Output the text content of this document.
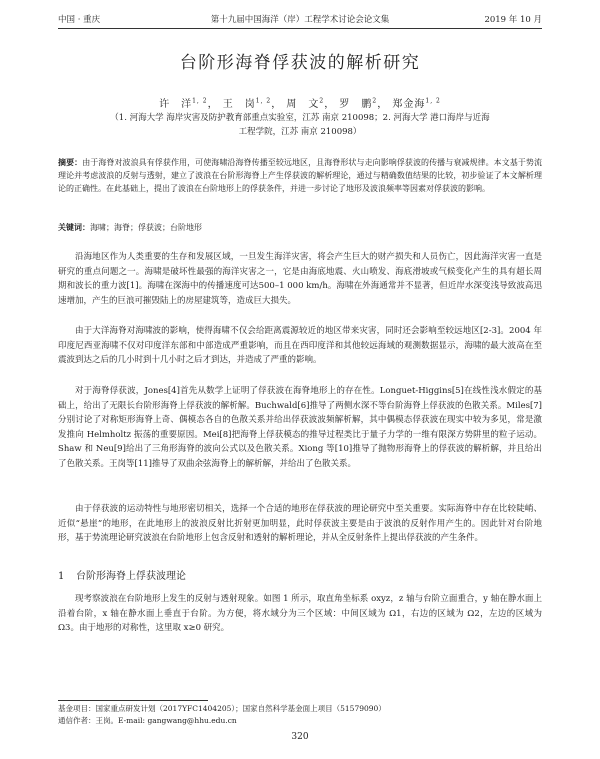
中国 · 重庆	第十九届中国海洋（岸）工程学术讨论会论文集	2019 年 10 月
台阶形海脊俘获波的解析研究
许　洋$^{1, 2}$， 王　岗$^{1, 2}$， 周　文$^2$， 罗　鹏$^2$， 郑金海$^{1, 2}$
（1. 河海大学 海岸灾害及防护教育部重点实验室，江苏 南京 210098；2. 河海大学 港口海岸与近海
工程学院，江苏 南京 210098）
摘要：由于海脊对波浪具有俘获作用，可使海啸沿海脊传播至较远地区，且海脊形状与走向影响俘获波的传播与衰减规律。本文基于势流理论并考虑波浪的反射与透射，建立了波浪在台阶形海脊上产生俘获波的解析理论，通过与精确数值结果的比较，初步验证了本文解析理论的正确性。在此基础上，提出了波浪在台阶地形上的俘获条件，并进一步讨论了地形及波浪频率等因素对俘获波的影响。
关键词：海啸；海脊；俘获波；台阶地形

沿海地区作为人类重要的生存和发展区域，一旦发生海洋灾害，将会产生巨大的财产损失和人员伤亡，因此海洋灾害一直是研究的重点问题之一。海啸是破坏性最强的海洋灾害之一，它是由海底地震、火山喷发、海底滑坡或气候变化产生的具有超长周期和波长的重力波[1]。海啸在深海中的传播速度可达500–1 000 km/h。海啸在外海通常并不显著，但近岸水深变浅导致波高迅速增加，产生的巨浪可摧毁陆上的房屋建筑等，造成巨大损失。

由于大洋海脊对海啸波的影响，使得海啸不仅会给距离震源较近的地区带来灾害，同时还会影响至较远地区[2-3]。2004 年印度尼西亚海啸不仅对印度洋东部和中部造成严重影响，而且在西印度洋和其他较远海域的观测数据显示，海啸的最大波高在至震波到达之后的几小时到十几小时之后才到达，并造成了严重的影响。

对于海脊俘获波，Jones[4]首先从数学上证明了俘获波在海脊地形上的存在性。Longuet-Higgins[5]在线性浅水假定的基础上，给出了无限长台阶形海脊上俘获波的解析解。Buchwald[6]推导了两侧水深不等台阶海脊上俘获波的色散关系。Miles[7]分别讨论了对称矩形海脊上奇、偶模态各自的色散关系并给出俘获波波频解析解，其中偶模态俘获波在现实中较为多见，常是激发推向 Helmholtz 振荡的重要原因。Mei[8]把海脊上俘获模态的推导过程类比于量子力学的一维有限深方势阱里的粒子运动。Shaw 和 Neu[9]给出了三角形海脊的波向公式以及色散关系。Xiong 等[10]推导了抛物形海脊上的俘获波的解析解，并且给出了色散关系。王岗等[11]推导了双曲余弦海脊上的解析解，并给出了色散关系。

由于俘获波的运动特性与地形密切相关，选择一个合适的地形在俘获波的理论研究中至关重要。实际海脊中存在比较陡峭、近似“悬崖”的地形，在此地形上的波浪反射比折射更加明显，此时俘获波主要是由于波浪的反射作用产生的。因此针对台阶地形，基于势流理论研究波浪在台阶地形上包含反射和透射的解析理论，并从全反射条件上提出俘获波的产生条件。

1 台阶形海脊上俘获波理论

现考察波浪在台阶地形上发生的反射与透射现象。如图 1 所示，取直角坐标系 oxyz，z 轴与台阶立面重合，y 轴在静水面上沿着台阶，x 轴在静水面上垂直于台阶。为方便，将水域分为三个区域：中间区域为 Ω1，右边的区域为 Ω2，左边的区域为 Ω3。由于地形的对称性，这里取 x≥0 研究。

基金项目：国家重点研发计划（2017YFC1404205）；国家自然科学基金面上项目（51579090）
通信作者：王岗。E-mail: gangwang@hhu.edu.cn
320
